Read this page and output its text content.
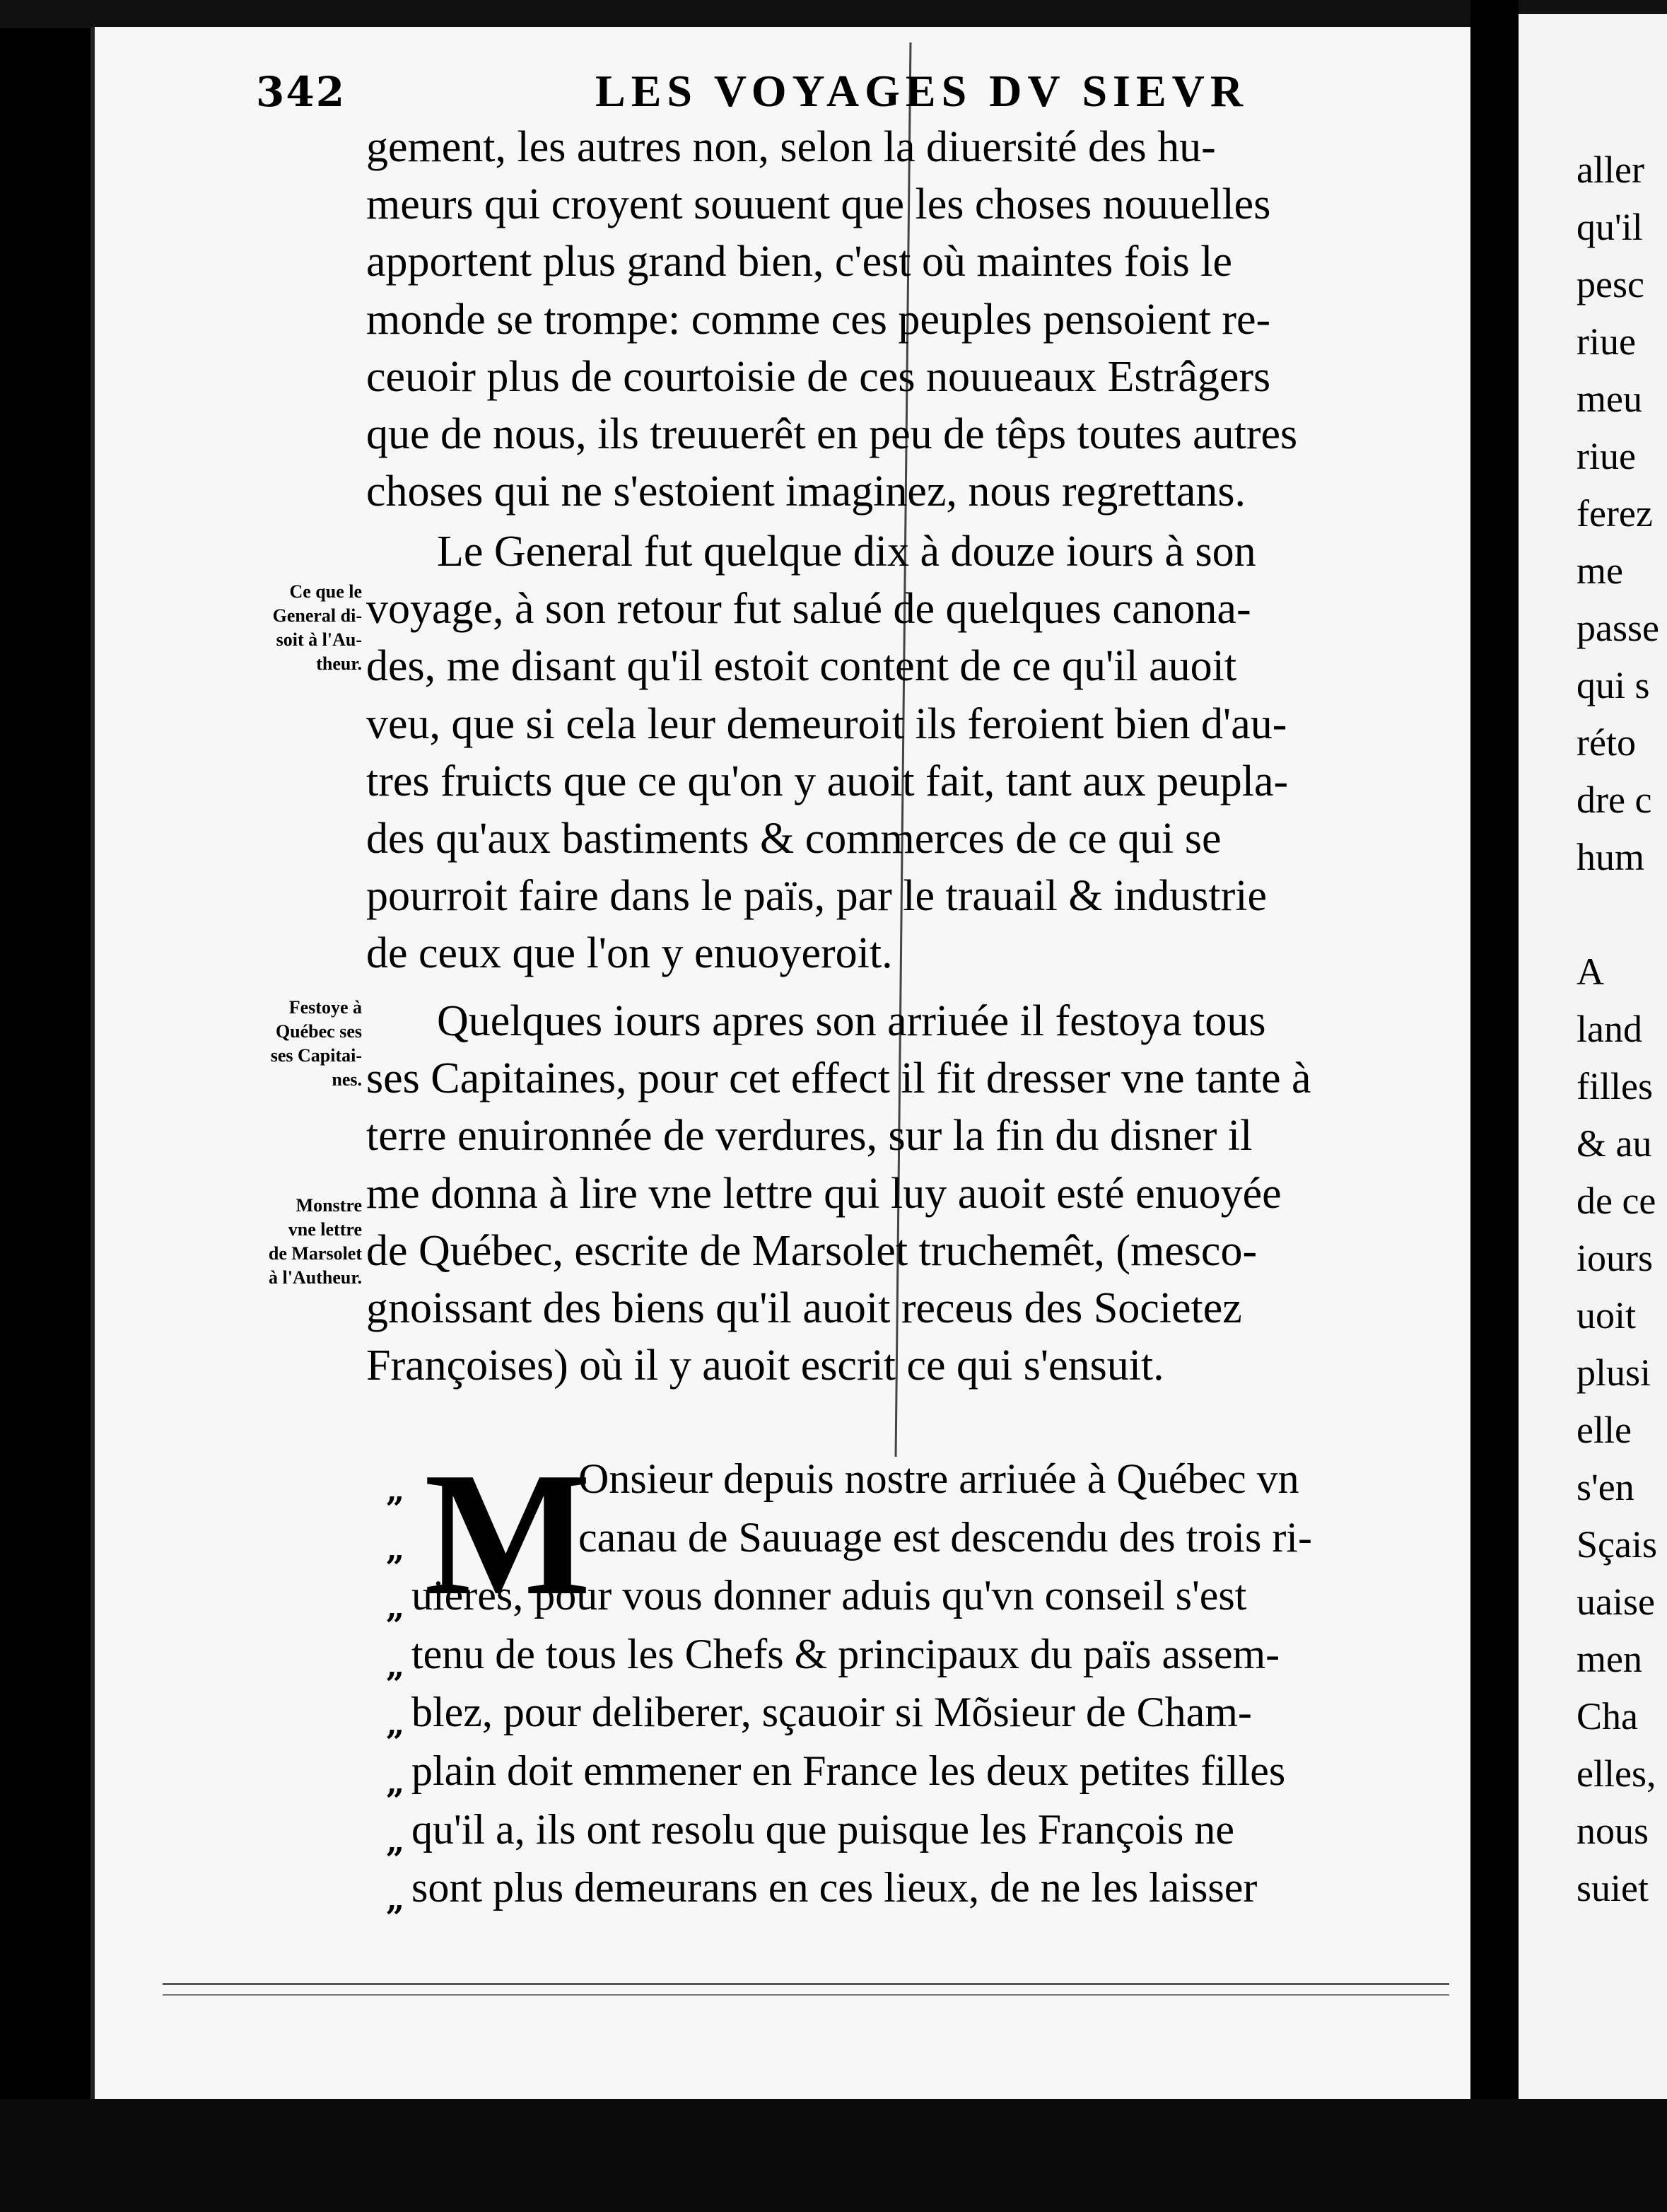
342	LES VOYAGES DV SIEVR
gement, les autres non, selon la diuersité des hu-
meurs qui croyent souuent que les choses nouuelles
apportent plus grand bien, c'est où maintes fois le
monde se trompe: comme ces peuples pensoient re-
ceuoir plus de courtoisie de ces nouueaux Estrâgers
que de nous, ils treuuerêt en peu de têps toutes autres
choses qui ne s'estoient imaginez, nous regrettans.
Le General fut quelque dix à douze iours à son
voyage, à son retour fut salué de quelques canona-
des, me disant qu'il estoit content de ce qu'il auoit
veu, que si cela leur demeuroit ils feroient bien d'au-
tres fruicts que ce qu'on y auoit fait, tant aux peupla-
des qu'aux bastiments & commerces de ce qui se
pourroit faire dans le païs, par le trauail & industrie
de ceux que l'on y enuoyeroit.
Quelques iours apres son arriuée il festoya tous
ses Capitaines, pour cet effect il fit dresser vne tante à
terre enuironnée de verdures, sur la fin du disner il
me donna à lire vne lettre qui luy auoit esté enuoyée
de Québec, escrite de Marsolet truchemêt, (mesco-
gnoissant des biens qu'il auoit receus des Societez
Françoises) où il y auoit escrit ce qui s'ensuit.
Ce que le
General di-
soit à l'Au-
theur.
Festoye à
Québec ses
ses Capitai-
nes.
Monstre
vne lettre
de Marsolet
à l'Autheur.
„
„
„
„
„
„
„
„
M
Onsieur depuis nostre arriuée à Québec vn
canau de Sauuage est descendu des trois ri-
uieres, pour vous donner aduis qu'vn conseil s'est
tenu de tous les Chefs & principaux du païs assem-
blez, pour deliberer, sçauoir si Mõsieur de Cham-
plain doit emmener en France les deux petites filles
qu'il a, ils ont resolu que puisque les François ne
sont plus demeurans en ces lieux, de ne les laisser
aller
qu'il
pesc
riue
meu
riue
ferez
me
passe
qui s
réto
dre c
hum
A
land
filles
& au
de ce
iours
uoit
plusi
elle
s'en
Sçais
uaise
men
Cha
elles,
nous
suiet
